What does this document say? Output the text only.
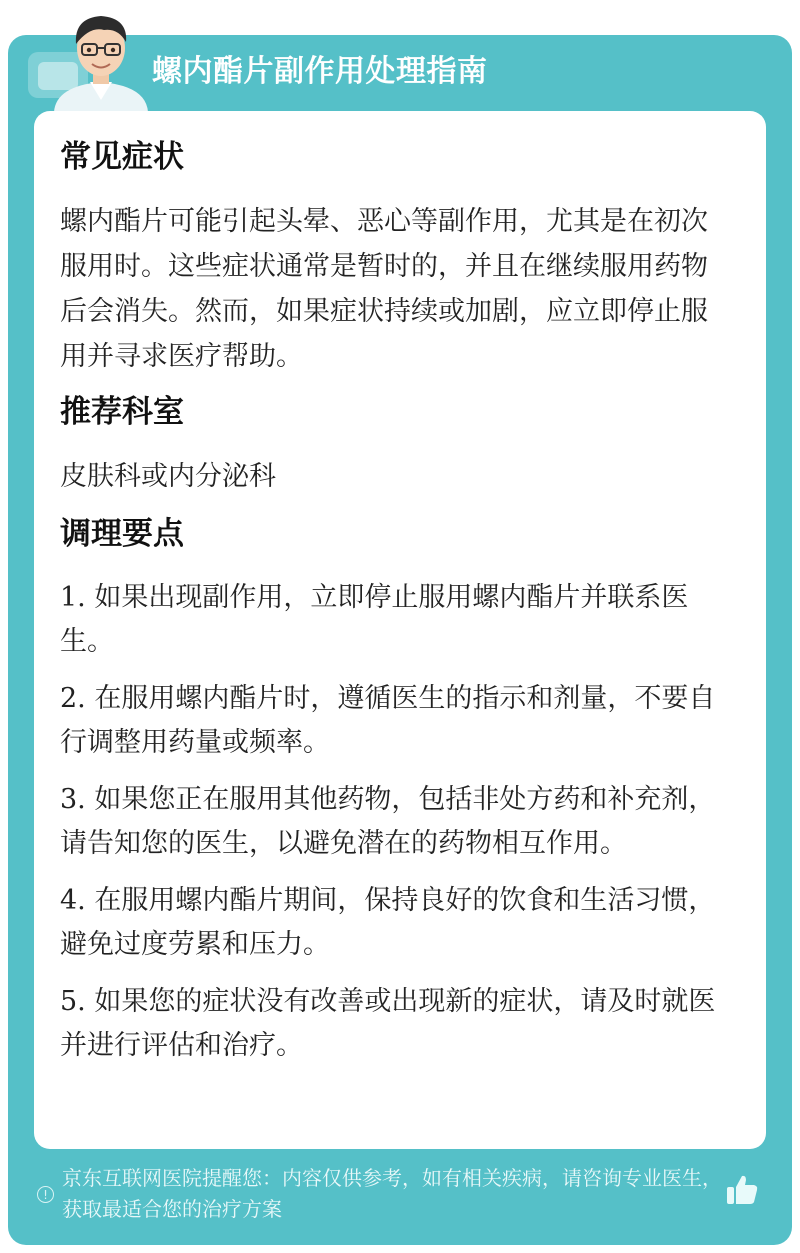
螺内酯片副作用处理指南
常见症状

螺内酯片可能引起头晕、恶心等副作用，尤其是在初次服用时。这些症状通常是暂时的，并且在继续服用药物后会消失。然而，如果症状持续或加剧，应立即停止服用并寻求医疗帮助。

推荐科室

皮肤科或内分泌科

调理要点

1. 如果出现副作用，立即停止服用螺内酯片并联系医生。

2. 在服用螺内酯片时，遵循医生的指示和剂量，不要自行调整用药量或频率。

3. 如果您正在服用其他药物，包括非处方药和补充剂，请告知您的医生，以避免潜在的药物相互作用。

4. 在服用螺内酯片期间，保持良好的饮食和生活习惯，避免过度劳累和压力。

5. 如果您的症状没有改善或出现新的症状，请及时就医并进行评估和治疗。

!
京东互联网医院提醒您：内容仅供参考，如有相关疾病，请咨询专业医生，获取最适合您的治疗方案
